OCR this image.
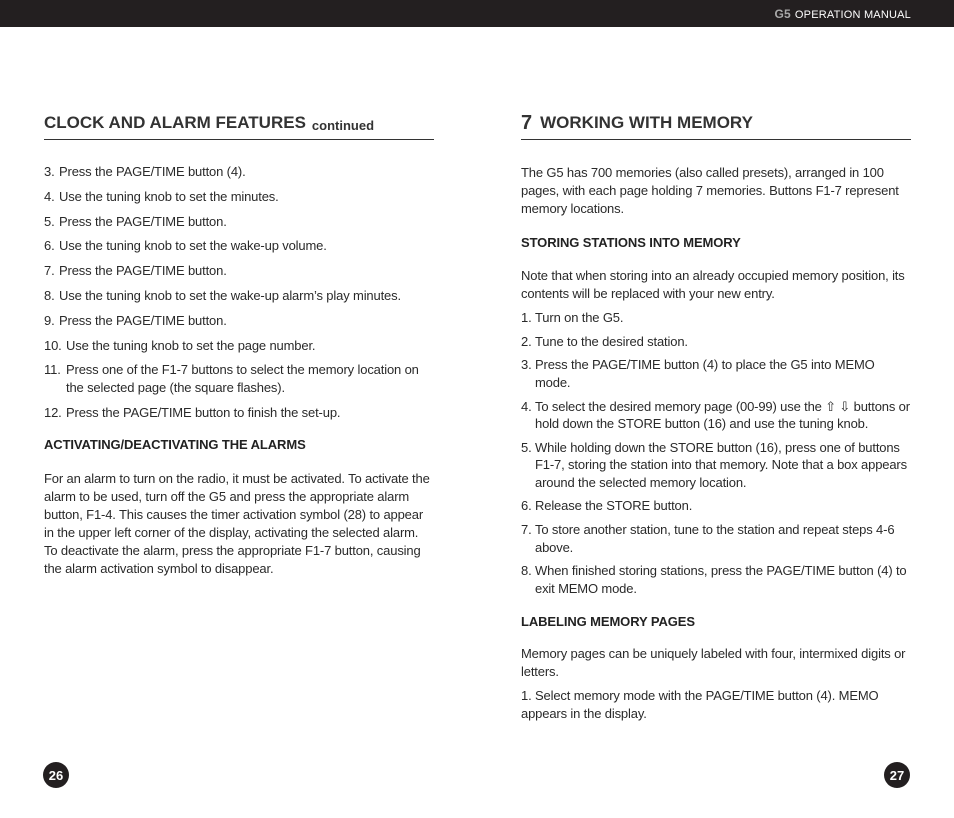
G5 OPERATION MANUAL
CLOCK AND ALARM FEATURES continued
3. Press the PAGE/TIME button (4).
4. Use the tuning knob to set the minutes.
5. Press the PAGE/TIME button.
6. Use the tuning knob to set the wake-up volume.
7. Press the PAGE/TIME button.
8. Use the tuning knob to set the wake-up alarm’s play minutes.
9. Press the PAGE/TIME button.
10. Use the tuning knob to set the page number.
11. Press one of the F1-7 buttons to select the memory location on the selected page (the square flashes).
12. Press the PAGE/TIME button to finish the set-up.
ACTIVATING/DEACTIVATING THE ALARMS
For an alarm to turn on the radio, it must be activated. To activate the alarm to be used, turn off the G5 and press the appropriate alarm button, F1-4. This causes the timer activation symbol (28) to appear in the upper left corner of the display, activating the selected alarm. To deactivate the alarm, press the appropriate F1-7 button, causing the alarm activation symbol to disappear.
7 WORKING WITH MEMORY
The G5 has 700 memories (also called presets), arranged in 100 pages, with each page holding 7 memories. Buttons F1-7 represent memory locations.
STORING STATIONS INTO MEMORY
Note that when storing into an already occupied memory position, its contents will be replaced with your new entry.
1. Turn on the G5.
2. Tune to the desired station.
3. Press the PAGE/TIME button (4) to place the G5 into MEMO mode.
4. To select the desired memory page (00-99) use the ⇧ ⇩ buttons or hold down the STORE button (16) and use the tuning knob.
5. While holding down the STORE button (16), press one of buttons F1-7, storing the station into that memory. Note that a box appears around the selected memory location.
6. Release the STORE button.
7. To store another station, tune to the station and repeat steps 4-6 above.
8. When finished storing stations, press the PAGE/TIME button (4) to exit MEMO mode.
LABELING MEMORY PAGES
Memory pages can be uniquely labeled with four, intermixed digits or letters.
1. Select memory mode with the PAGE/TIME button (4). MEMO appears in the display.
26	27
